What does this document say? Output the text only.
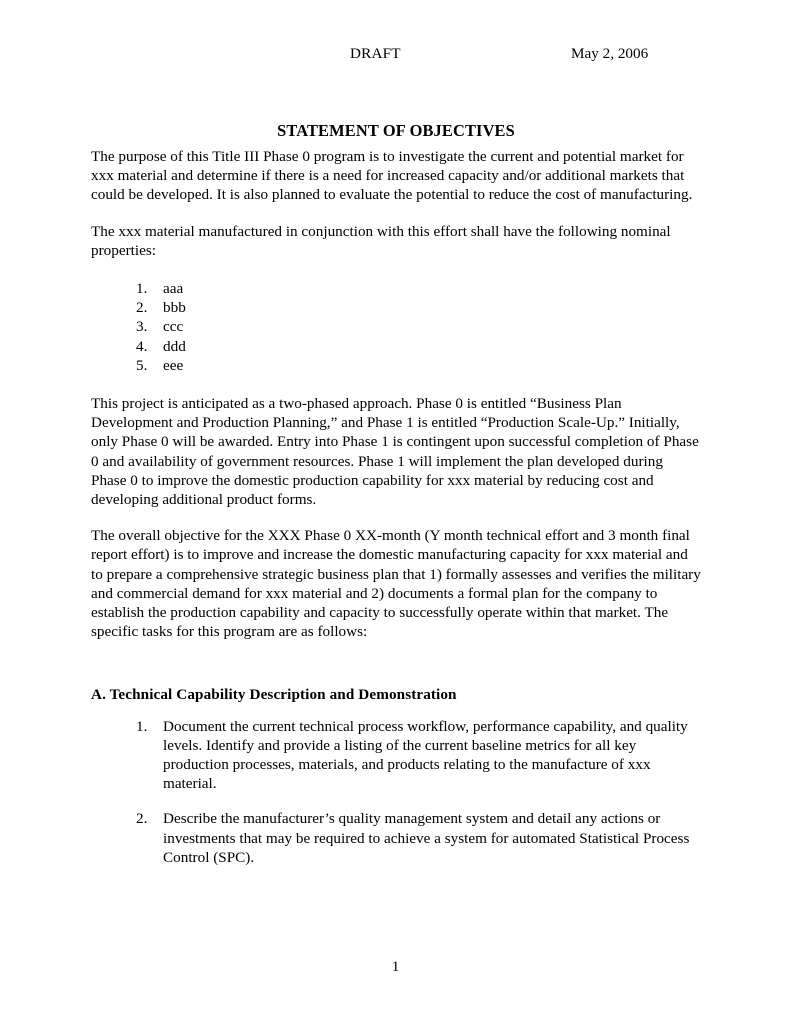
DRAFT	May 2, 2006
STATEMENT OF OBJECTIVES

The purpose of this Title III Phase 0 program is to investigate the current and potential market for xxx material and determine if there is a need for increased capacity and/or additional markets that could be developed. It is also planned to evaluate the potential to reduce the cost of manufacturing.

The xxx material manufactured in conjunction with this effort shall have the following nominal properties:

1.	aaa
2.	bbb
3.	ccc
4.	ddd
5.	eee

This project is anticipated as a two-phased approach. Phase 0 is entitled “Business Plan Development and Production Planning,” and Phase 1 is entitled “Production Scale-Up.” Initially, only Phase 0 will be awarded. Entry into Phase 1 is contingent upon successful completion of Phase 0 and availability of government resources. Phase 1 will implement the plan developed during Phase 0 to improve the domestic production capability for xxx material by reducing cost and developing additional product forms.

The overall objective for the XXX Phase 0 XX-month (Y month technical effort and 3 month final report effort) is to improve and increase the domestic manufacturing capacity for xxx material and to prepare a comprehensive strategic business plan that 1) formally assesses and verifies the military and commercial demand for xxx material and 2) documents a formal plan for the company to establish the production capability and capacity to successfully operate within that market. The specific tasks for this program are as follows:

A. Technical Capability Description and Demonstration
1.	Document the current technical process workflow, performance capability, and quality levels. Identify and provide a listing of the current baseline metrics for all key production processes, materials, and products relating to the manufacture of xxx material.
2.	Describe the manufacturer’s quality management system and detail any actions or investments that may be required to achieve a system for automated Statistical Process Control (SPC).
1
